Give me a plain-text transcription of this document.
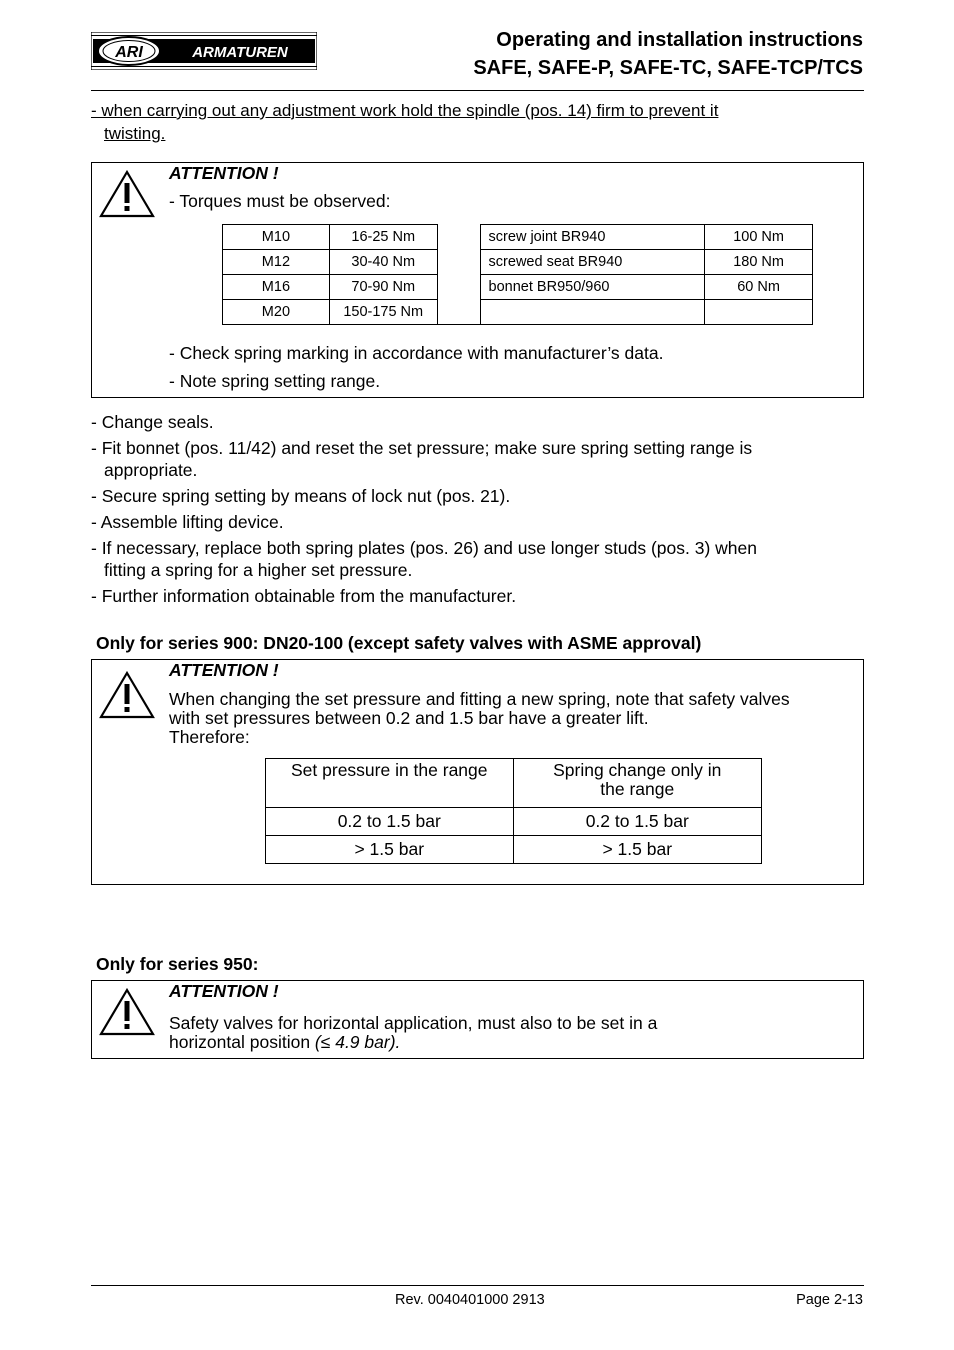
ARI	ARMATUREN
Operating and installation instructions
SAFE, SAFE-P, SAFE-TC, SAFE-TCP/TCS
- when carrying out any adjustment work hold the spindle (pos. 14) firm to prevent it
twisting.
ATTENTION !
- Torques must be observed:
M10	16-25 Nm		screw joint BR940	100 Nm
M12	30-40 Nm		screwed seat BR940	180 Nm
M16	70-90 Nm		bonnet BR950/960	60 Nm
M20	150-175 Nm			
- Check spring marking in accordance with manufacturer’s data.
- Note spring setting range.
- Change seals.
- Fit bonnet (pos. 11/42) and reset the set pressure; make sure spring setting range is
appropriate.
- Secure spring setting by means of lock nut (pos. 21).
- Assemble lifting device.
- If necessary, replace both spring plates (pos. 26) and use longer studs (pos. 3) when
fitting a spring for a higher set pressure.
- Further information obtainable from the manufacturer.
Only for series 900: DN20-100 (except safety valves with ASME approval)
ATTENTION !
When changing the set pressure and fitting a new spring, note that safety valves
with set pressures between 0.2 and 1.5 bar have a greater lift.
Therefore:
Set pressure in the range	Spring change only in
the range

0.2 to 1.5 bar	0.2 to 1.5 bar
> 1.5 bar	> 1.5 bar
Only for series 950:
ATTENTION !
Safety valves for horizontal application, must also to be set in a
horizontal position (≤ 4.9 bar).
Rev. 0040401000 2913	Page 2-13
